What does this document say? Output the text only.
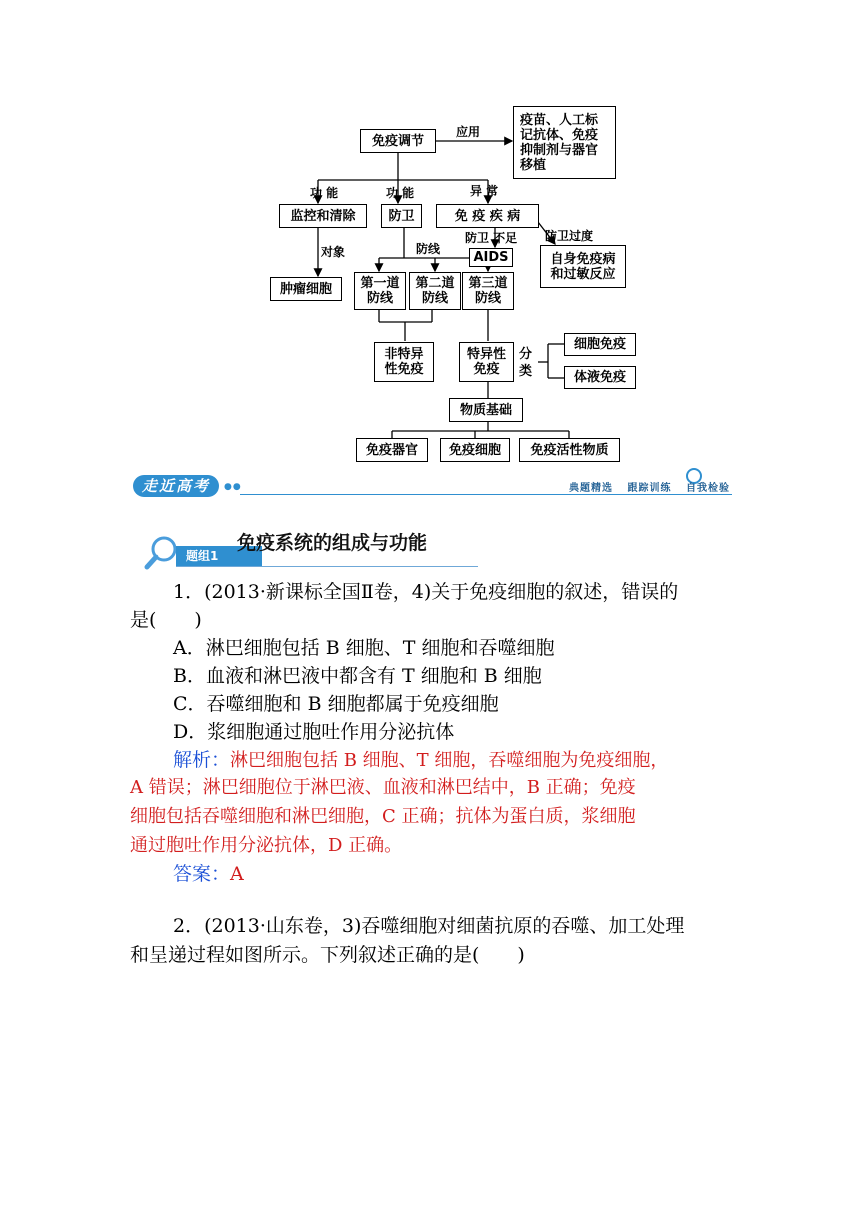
免疫调节
疫苗、人工标
记抗体、免疫
抑制剂与器官
移植
监控和清除	防卫	免 疫 疾 病
肿瘤细胞
AIDS	自身免疫病
和过敏反应
第一道
防线
第二道
防线
第三道
防线
非特异
性免疫
特异性
免疫
细胞免疫
体液免疫
物质基础
免疫器官	免疫细胞	免疫活性物质
应用
功 能	功 能	异 常
对象	防线
防卫 不足 防卫过度
分
类
走近高考	●●	典题精选 跟踪训练 自我检验
题组1
免疫系统的组成与功能
1．(2013·新课标全国Ⅱ卷，4)关于免疫细胞的叙述，错误的
是(　　)
A．淋巴细胞包括 B 细胞、T 细胞和吞噬细胞
B．血液和淋巴液中都含有 T 细胞和 B 细胞
C．吞噬细胞和 B 细胞都属于免疫细胞
D．浆细胞通过胞吐作用分泌抗体
解析：淋巴细胞包括 B 细胞、T 细胞，吞噬细胞为免疫细胞，
A 错误；淋巴细胞位于淋巴液、血液和淋巴结中，B 正确；免疫
细胞包括吞噬细胞和淋巴细胞，C 正确；抗体为蛋白质，浆细胞
通过胞吐作用分泌抗体，D 正确。
答案：A
2．(2013·山东卷，3)吞噬细胞对细菌抗原的吞噬、加工处理
和呈递过程如图所示。下列叙述正确的是(　　)
